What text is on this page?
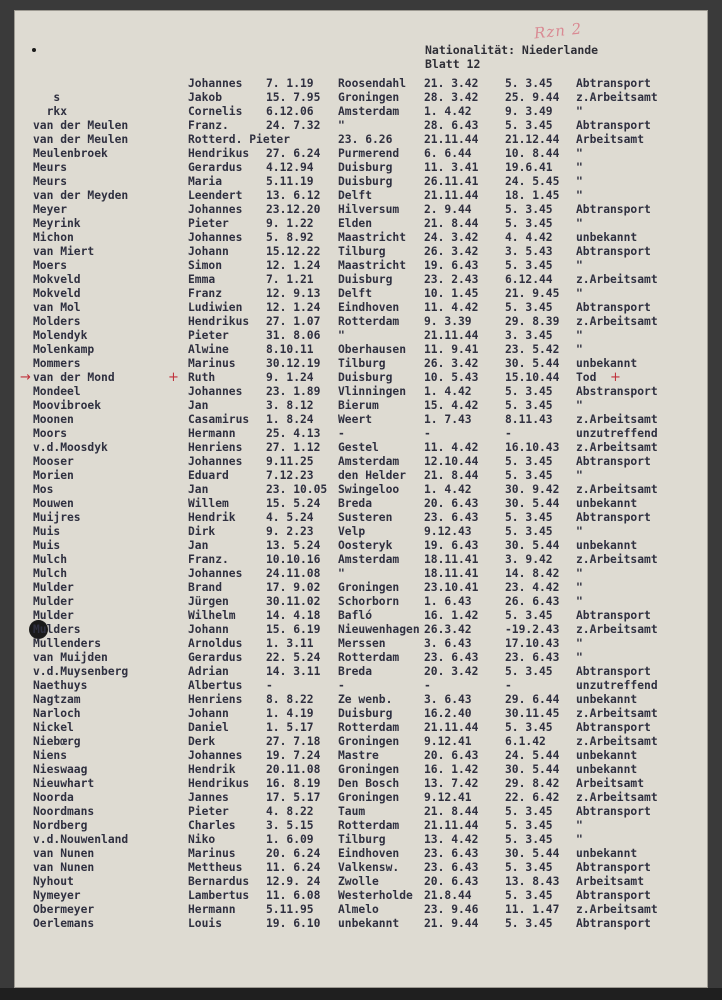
Rzn 2
Nationalität: Niederlande
Blatt 12
Johannes 7. 1.19 Roosendahl 21. 3.42 5. 3.45 Abtransport
s	Jakob	15. 7.95 Groningen 28. 3.42 25. 9.44 z.Arbeitsamt
rkx	Cornelis 6.12.06 Amsterdam 1. 4.42	9. 3.49 "
van der Meulen	Franz.	24. 7.32 "	28. 6.43 5. 3.45 Abtransport
van der Meulen	Rotterd. Pieter	23. 6.26	21.11.44 21.12.44 Arbeitsamt
Meulenbroek	Hendrikus 27. 6.24 Purmerend 6. 6.44	10. 8.44 "
Meurs	Gerardus 4.12.94 Duisburg	11. 3.41 19.6.41 "
Meurs	Maria	5.11.19 Duisburg	26.11.41 24. 5.45 "
van der Meyden	Leendert 13. 6.12 Delft	21.11.44 18. 1.45 "
Meyer	Johannes 23.12.20 Hilversum 2. 9.44	5. 3.45 Abtransport
Meyrink	Pieter	9. 1.22 Elden	21. 8.44 5. 3.45 "
Michon	Johannes 5. 8.92 Maastricht 24. 3.42 4. 4.42 unbekannt
van Miert	Johann	15.12.22 Tilburg	26. 3.42 3. 5.43 Abtransport
Moers	Simon	12. 1.24 Maastricht 19. 6.43 5. 3.45 "
Mokveld	Emma	7. 1.21 Duisburg	23. 2.43 6.12.44 z.Arbeitsamt
Mokveld	Franz	12. 9.13 Delft	10. 1.45 21. 9.45 "
van Mol	Ludiwien 12. 1.24 Eindhoven 11. 4.42 5. 3.45 Abtransport
Molders	Hendrikus 27. 1.07 Rotterdam 9. 3.39	29. 8.39 z.Arbeitsamt
Molendyk	Pieter	31. 8.06 "	21.11.44 3. 3.45 "
Molenkamp	Alwine	8.10.11 Oberhausen 11. 9.41 23. 5.42 "
Mommers	Marinus	30.12.19 Tilburg	26. 3.42 30. 5.44 unbekannt
van der Mond	Ruth	9. 1.24 Duisburg	10. 5.43 15.10.44 Tod
+	+
→
Mondeel	Johannes 23. 1.89 Vlinningen 1. 4.42	5. 3.45 Abstransport
Moovibroek	Jan	3. 8.12 Bierum	15. 4.42 5. 3.45 "
Moonen	Casamirus 1. 8.24 Weert	1. 7.43	8.11.43 z.Arbeitsamt
Moors	Hermann	25. 4.13 -	-	-	unzutreffend
v.d.Moosdyk	Henriens 27. 1.12 Gestel	11. 4.42 16.10.43 z.Arbeitsamt
Mooser	Johannes 9.11.25 Amsterdam 12.10.44 5. 3.45 Abtransport
Morien	Eduard	7.12.23 den Helder 21. 8.44 5. 3.45 "
Mos	Jan	23. 10.05 Swingeloo 1. 4.42	30. 9.42 z.Arbeitsamt
Mouwen	Willem	15. 5.24 Breda	20. 6.43 30. 5.44 unbekannt
Muijres	Hendrik	4. 5.24 Susteren	23. 6.43 5. 3.45 Abtransport
Muis	Dirk	9. 2.23 Velp	9.12.43	5. 3.45 "
Muis	Jan	13. 5.24 Oosteryk	19. 6.43 30. 5.44 unbekannt
Mulch	Franz.	10.10.16 Amsterdam 18.11.41 3. 9.42 z.Arbeitsamt
Mulch	Johannes 24.11.08 "	18.11.41 14. 8.42 "
Mulder	Brand	17. 9.02 Groningen 23.10.41 23. 4.42 "
Mulder	Jürgen	30.11.02 Schorborn 1. 6.43	26. 6.43 "
Mulder	Wilhelm	14. 4.18 Bafló	16. 1.42 5. 3.45 Abtransport
Mulders	Johann	15. 6.19 Nieuwenhagen 26.3.42	-19.2.43 z.Arbeitsamt
Mullenders	Arnoldus 1. 3.11 Merssen	3. 6.43	17.10.43 "
van Muijden	Gerardus 22. 5.24 Rotterdam 23. 6.43 23. 6.43 "
v.d.Muysenberg	Adrian	14. 3.11 Breda	20. 3.42 5. 3.45 Abtransport
Naethuys	Albertus -	-	-	-	unzutreffend
Nagtzam	Henriens 8. 8.22 Ze wenb.	3. 6.43	29. 6.44 unbekannt
Narloch	Johann	1. 4.19 Duisburg	16.2.40	30.11.45 z.Arbeitsamt
Nickel	Daniel	1. 5.17 Rotterdam 21.11.44 5. 3.45 Abtransport
Niebœrg	Derk	27. 7.18 Groningen 9.12.41	6.1.42	z.Arbeitsamt
Niens	Johannes 19. 7.24 Mastre	20. 6.43 24. 5.44 unbekannt
Nieswaag	Hendrik	20.11.08 Groningen 16. 1.42 30. 5.44 unbekannt
Nieuwhart	Hendrikus 16. 8.19 Den Bosch 13. 7.42 29. 8.42 Arbeitsamt
Noorda	Jannes	17. 5.17 Groningen 9.12.41	22. 6.42 z.Arbeitsamt
Noordmans	Pieter	4. 8.22 Taum	21. 8.44 5. 3.45 Abtransport
Nordberg	Charles	3. 5.15 Rotterdam 21.11.44 5. 3.45 "
v.d.Nouwenland	Niko	1. 6.09 Tilburg	13. 4.42 5. 3.45 "
van Nunen	Marinus	20. 6.24 Eindhoven 23. 6.43 30. 5.44 unbekannt
van Nunen	Mettheus 11. 6.24 Valkensw. 23. 6.43 5. 3.45 Abtransport
Nyhout	Bernardus 12.9. 24 Zwolle	20. 6.43 13. 8.43 Arbeitsamt
Nymeyer	Lambertus 11. 6.08 Westerholde 21.8.44	5. 3.45 Abtransport
Obermeyer	Hermann	5.11.95 Almelo	23. 9.46 11. 1.47 z.Arbeitsamt
Oerlemans	Louis	19. 6.10 unbekannt 21. 9.44 5. 3.45 Abtransport
